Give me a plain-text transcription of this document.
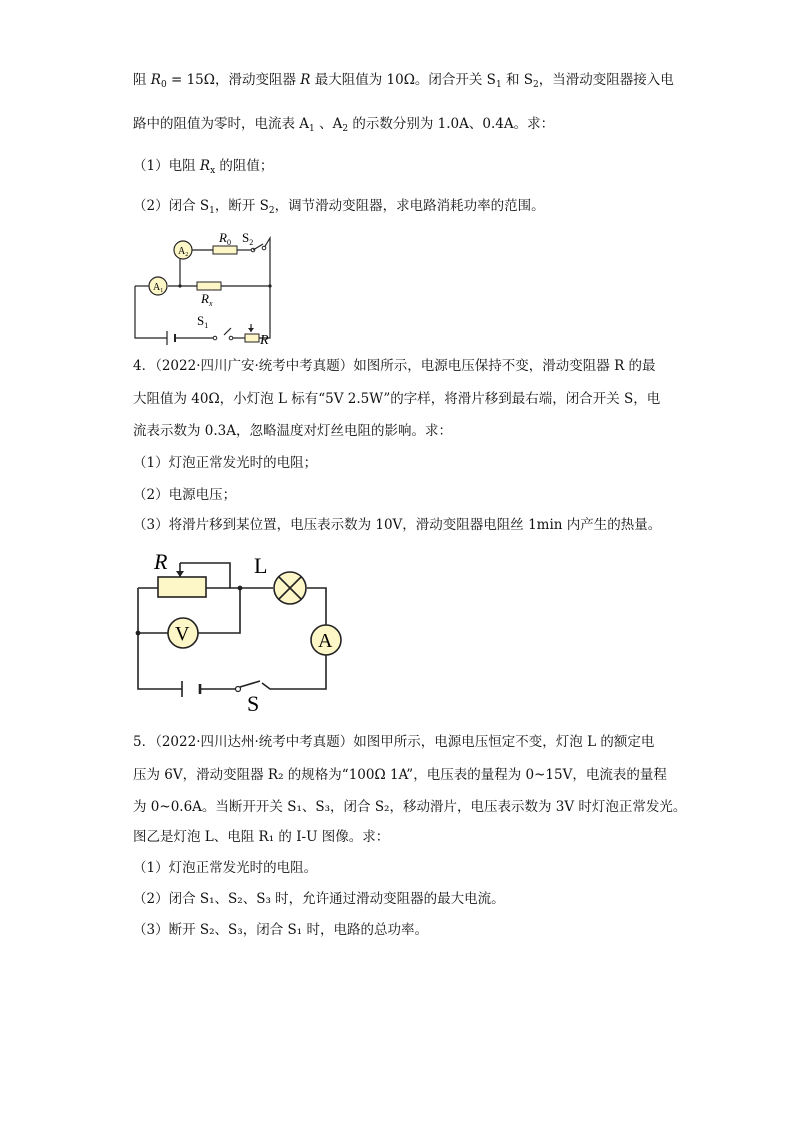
阻 $R_0 = 15\Omega$，滑动变阻器 R 最大阻值为 10Ω。闭合开关 $S_1$ 和 $S_2$，当滑动变阻器接入电
路中的阻值为零时，电流表 $A_1$ 、$A_2$ 的示数分别为 1.0A、0.4A。求：
（1）电阻 $R_x$ 的阻值；
（2）闭合 $S_1$，断开 $S_2$，调节滑动变阻器，求电路消耗功率的范围。
$A_2$
$A_1$
$R_0$ $S_2$
$R_x$
$S_1$
R
4．（2022·四川广安·统考中考真题）如图所示，电源电压保持不变，滑动变阻器 R 的最
大阻值为 40Ω，小灯泡 L 标有“5V 2.5W”的字样，将滑片移到最右端，闭合开关 S，电
流表示数为 0.3A，忽略温度对灯丝电阻的影响。求：
（1）灯泡正常发光时的电阻；
（2）电源电压；
（3）将滑片移到某位置，电压表示数为 10V，滑动变阻器电阻丝 1min 内产生的热量。
R	L
V	A
S
5．（2022·四川达州·统考中考真题）如图甲所示，电源电压恒定不变，灯泡 L 的额定电
压为 6V，滑动变阻器 R₂ 的规格为“100Ω 1A”，电压表的量程为 0~15V，电流表的量程
为 0~0.6A。当断开开关 S₁、S₃，闭合 S₂，移动滑片，电压表示数为 3V 时灯泡正常发光。
图乙是灯泡 L、电阻 R₁ 的 I-U 图像。求：
（1）灯泡正常发光时的电阻。
（2）闭合 S₁、S₂、S₃ 时，允许通过滑动变阻器的最大电流。
（3）断开 S₂、S₃，闭合 S₁ 时，电路的总功率。
